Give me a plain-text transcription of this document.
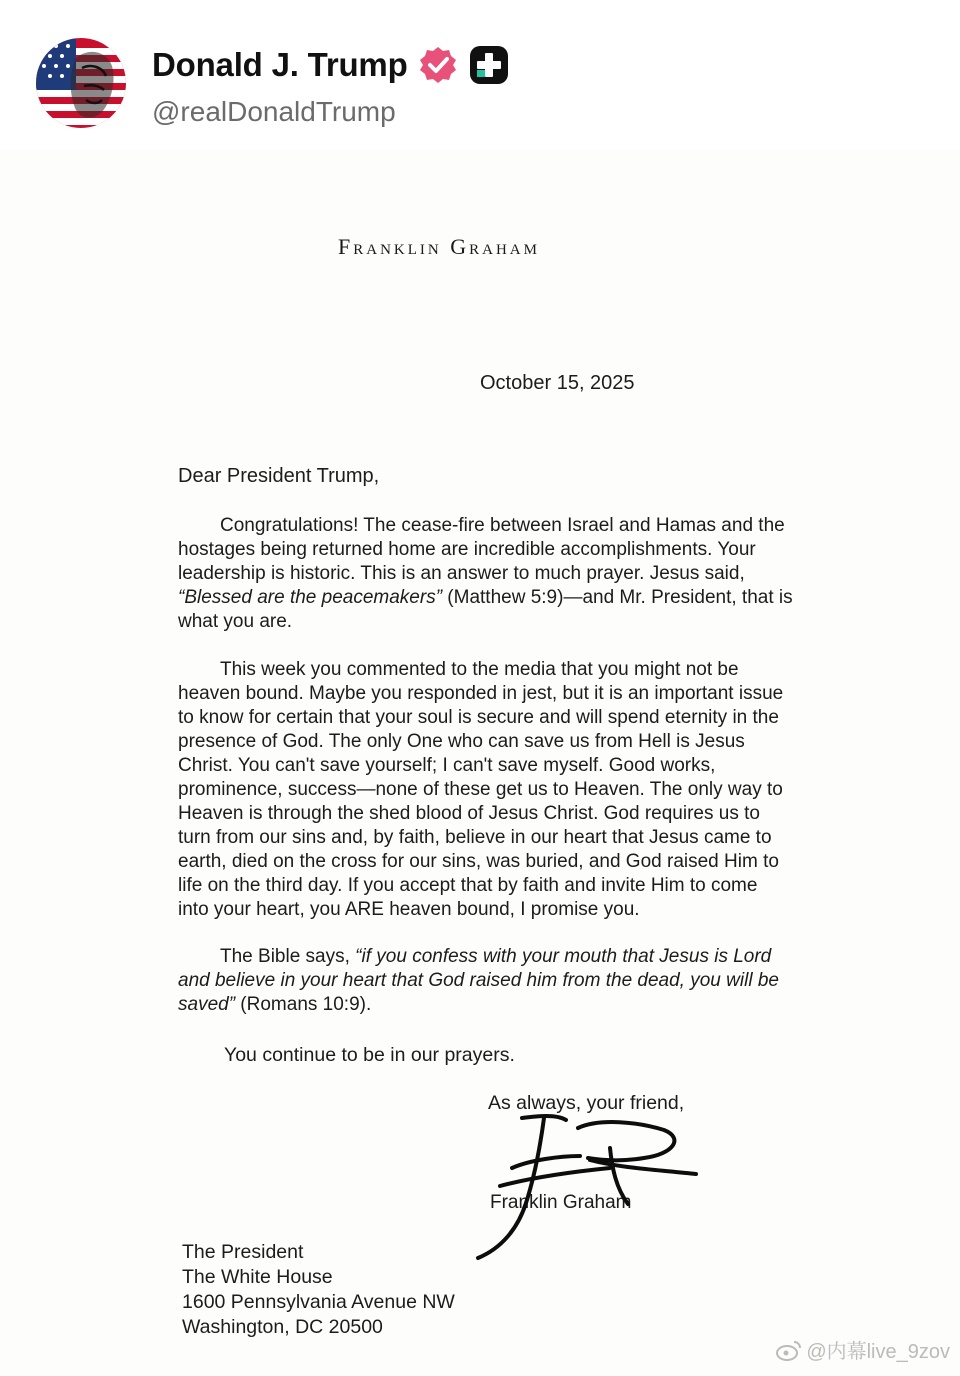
Donald J. Trump
@realDonaldTrump
Franklin Graham
October 15, 2025
Dear President Trump,

Congratulations! The cease-fire between Israel and Hamas and the
hostages being returned home are incredible accomplishments. Your
leadership is historic. This is an answer to much prayer. Jesus said,
“Blessed are the peacemakers” (Matthew 5:9)—and Mr. President, that is
what you are.

This week you commented to the media that you might not be
heaven bound. Maybe you responded in jest, but it is an important issue
to know for certain that your soul is secure and will spend eternity in the
presence of God. The only One who can save us from Hell is Jesus
Christ. You can't save yourself; I can't save myself. Good works,
prominence, success—none of these get us to Heaven. The only way to
Heaven is through the shed blood of Jesus Christ. God requires us to
turn from our sins and, by faith, believe in our heart that Jesus came to
earth, died on the cross for our sins, was buried, and God raised Him to
life on the third day. If you accept that by faith and invite Him to come
into your heart, you ARE heaven bound, I promise you.

The Bible says, “if you confess with your mouth that Jesus is Lord
and believe in your heart that God raised him from the dead, you will be
saved” (Romans 10:9).

You continue to be in our prayers.

As always, your friend,
Franklin Graham
The President
The White House
1600 Pennsylvania Avenue NW
Washington, DC 20500
@内幕live_9zov
